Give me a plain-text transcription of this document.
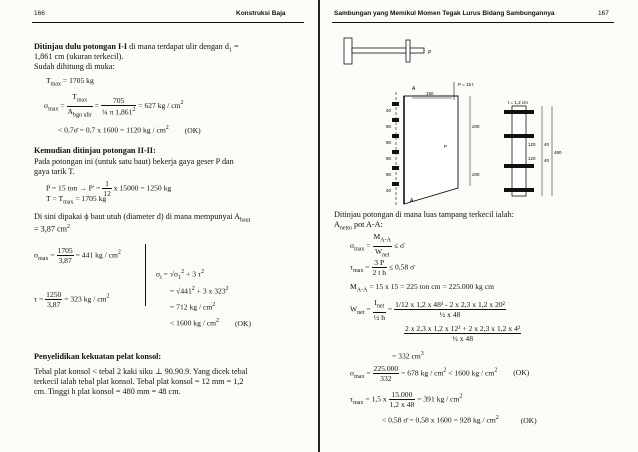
166	Konstruksi Baja
Ditinjau dulu potongan I-I di mana terdapat ulir dengan $d_1$ =
1,861 cm (ukuran terkecil).
Sudah dihitung di muka:
$T_{max} = 1705$ kg
$\sigma_{max} = \frac{T_{max}}{A_{bgn ulir}} = \frac{705}{\frac{1}{4} \pi 1,861^2} = 627$ kg / $cm^2$
< 0,7σ̄ = 0,7 x 1600 = 1120 kg / $cm^2$ (OK)
Kemudian ditinjau potongan II-II:
Pada potongan ini (untuk satu baut) bekerja gaya geser P dan
gaya tarik T.
P = 15 ton → $P' = \frac{1}{12}$ x 15000 = 1250 kg
$T = T_{max} = 1705$ kg
Di sini dipakai ϕ baut utuh (diameter d) di mana mempunyai $A_{baut}$
= 3,87 $cm^2$
$\sigma_{max} = \frac{1705}{3,87} = 441$ kg / $cm^2$
$\tau = \frac{1250}{3,87} = 323$ kg / $cm^2$
$\sigma_i = √\sigma_1^2 + 3$ $\tau^2$
= $√441^2 + 3$ x $323^2$
= 712 kg / $cm^2$
< 1600 kg / $cm^2$ (OK)
Penyelidikan kekuatan pelat konsol:
Tebal plat konsol < tebal 2 kaki siku ⊥ 90.90.9. Yang dicek tebal
terkecil ialah tebal plat konsol. Tebal plat konsol = 12 mm = 1,2
cm. Tinggi h plat konsol = 480 mm = 48 cm.
Sambungan yang Memikul Momen Tegak Lurus Bidang Sambungannya	167
P
40
80
80
80
80
40
A
A
150
P = 15 t
P
200
200
t = 1,2 cm
120
120
40
40
480
Ditinjau potongan di mana luas tampang terkecil ialah:
$A_{netto}$ pot A-A:
$\sigma_{max} = \frac{M_{A-A}}{W_{net}}$ ≤ σ̄
$\tau_{max} = \frac{3 P}{\text{2 t h}} \le 0,58$ σ̄
$M_{A-A} = 15$ x 15 = 225 ton cm = 225.000 kg cm
$W_{net} = \frac{I_{net}}{\text{½ h}} = \frac{\text{1/12 x 1,2 x 48³ - 2 x 2,3 x 1,2 x 20²}}{\text{½ x 48}}$
$\frac{\text{2 x 2,3 x 1,2 x 12² + 2 x 2,3 x 1,2 x 4²}}{\text{½ x 48}}$
= 332 $cm^3$
$\sigma_{max} = \frac{225.000}{332} = 678$ kg / $cm^2 < 1600$ kg / $cm^2$ (OK)
$\tau_{max} = 1,5$ x $\frac{15.000}{1,2 x 48} = 391$ kg / $cm^2$
< 0,58 σ̄ = 0,58 x 1600 = 928 kg / $cm^2$	(OK)
